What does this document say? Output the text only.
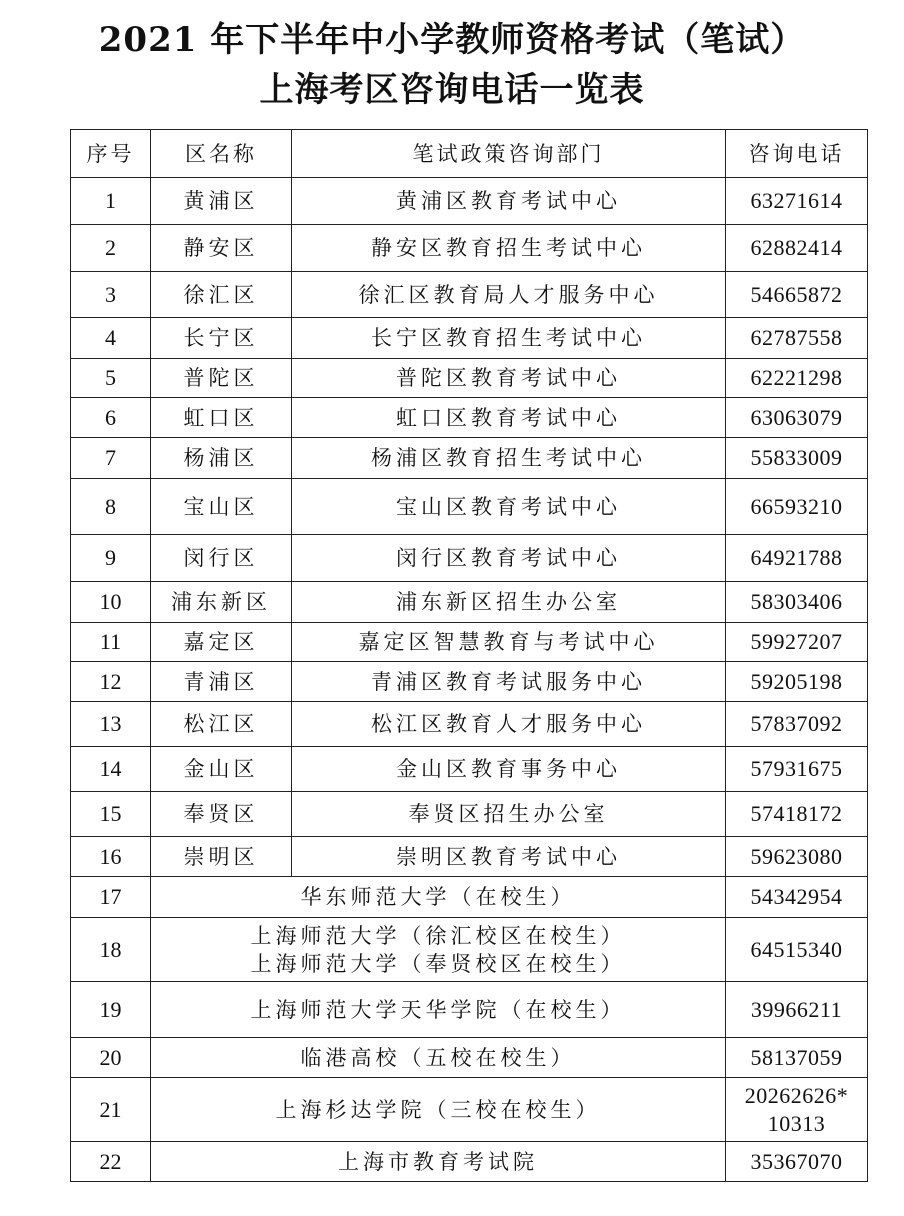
2021 年下半年中小学教师资格考试（笔试）
上海考区咨询电话一览表
序号	区名称	笔试政策咨询部门	咨询电话
1	黄浦区	黄浦区教育考试中心	63271614
2	静安区	静安区教育招生考试中心	62882414
3	徐汇区	徐汇区教育局人才服务中心	54665872
4	长宁区	长宁区教育招生考试中心	62787558
5	普陀区	普陀区教育考试中心	62221298
6	虹口区	虹口区教育考试中心	63063079
7	杨浦区	杨浦区教育招生考试中心	55833009
8	宝山区	宝山区教育考试中心	66593210
9	闵行区	闵行区教育考试中心	64921788
10	浦东新区	浦东新区招生办公室	58303406
11	嘉定区	嘉定区智慧教育与考试中心	59927207
12	青浦区	青浦区教育考试服务中心	59205198
13	松江区	松江区教育人才服务中心	57837092
14	金山区	金山区教育事务中心	57931675
15	奉贤区	奉贤区招生办公室	57418172
16	崇明区	崇明区教育考试中心	59623080
17	华东师范大学（在校生）		54342954

18	上海师范大学（徐汇校区在校生）
上海师范大学（奉贤校区在校生）		64515340

19	上海师范大学天华学院（在校生）		39966211

20	临港高校（五校在校生）		58137059

21	上海杉达学院（三校在校生）		20262626*
10313

22	上海市教育考试院		35367070
